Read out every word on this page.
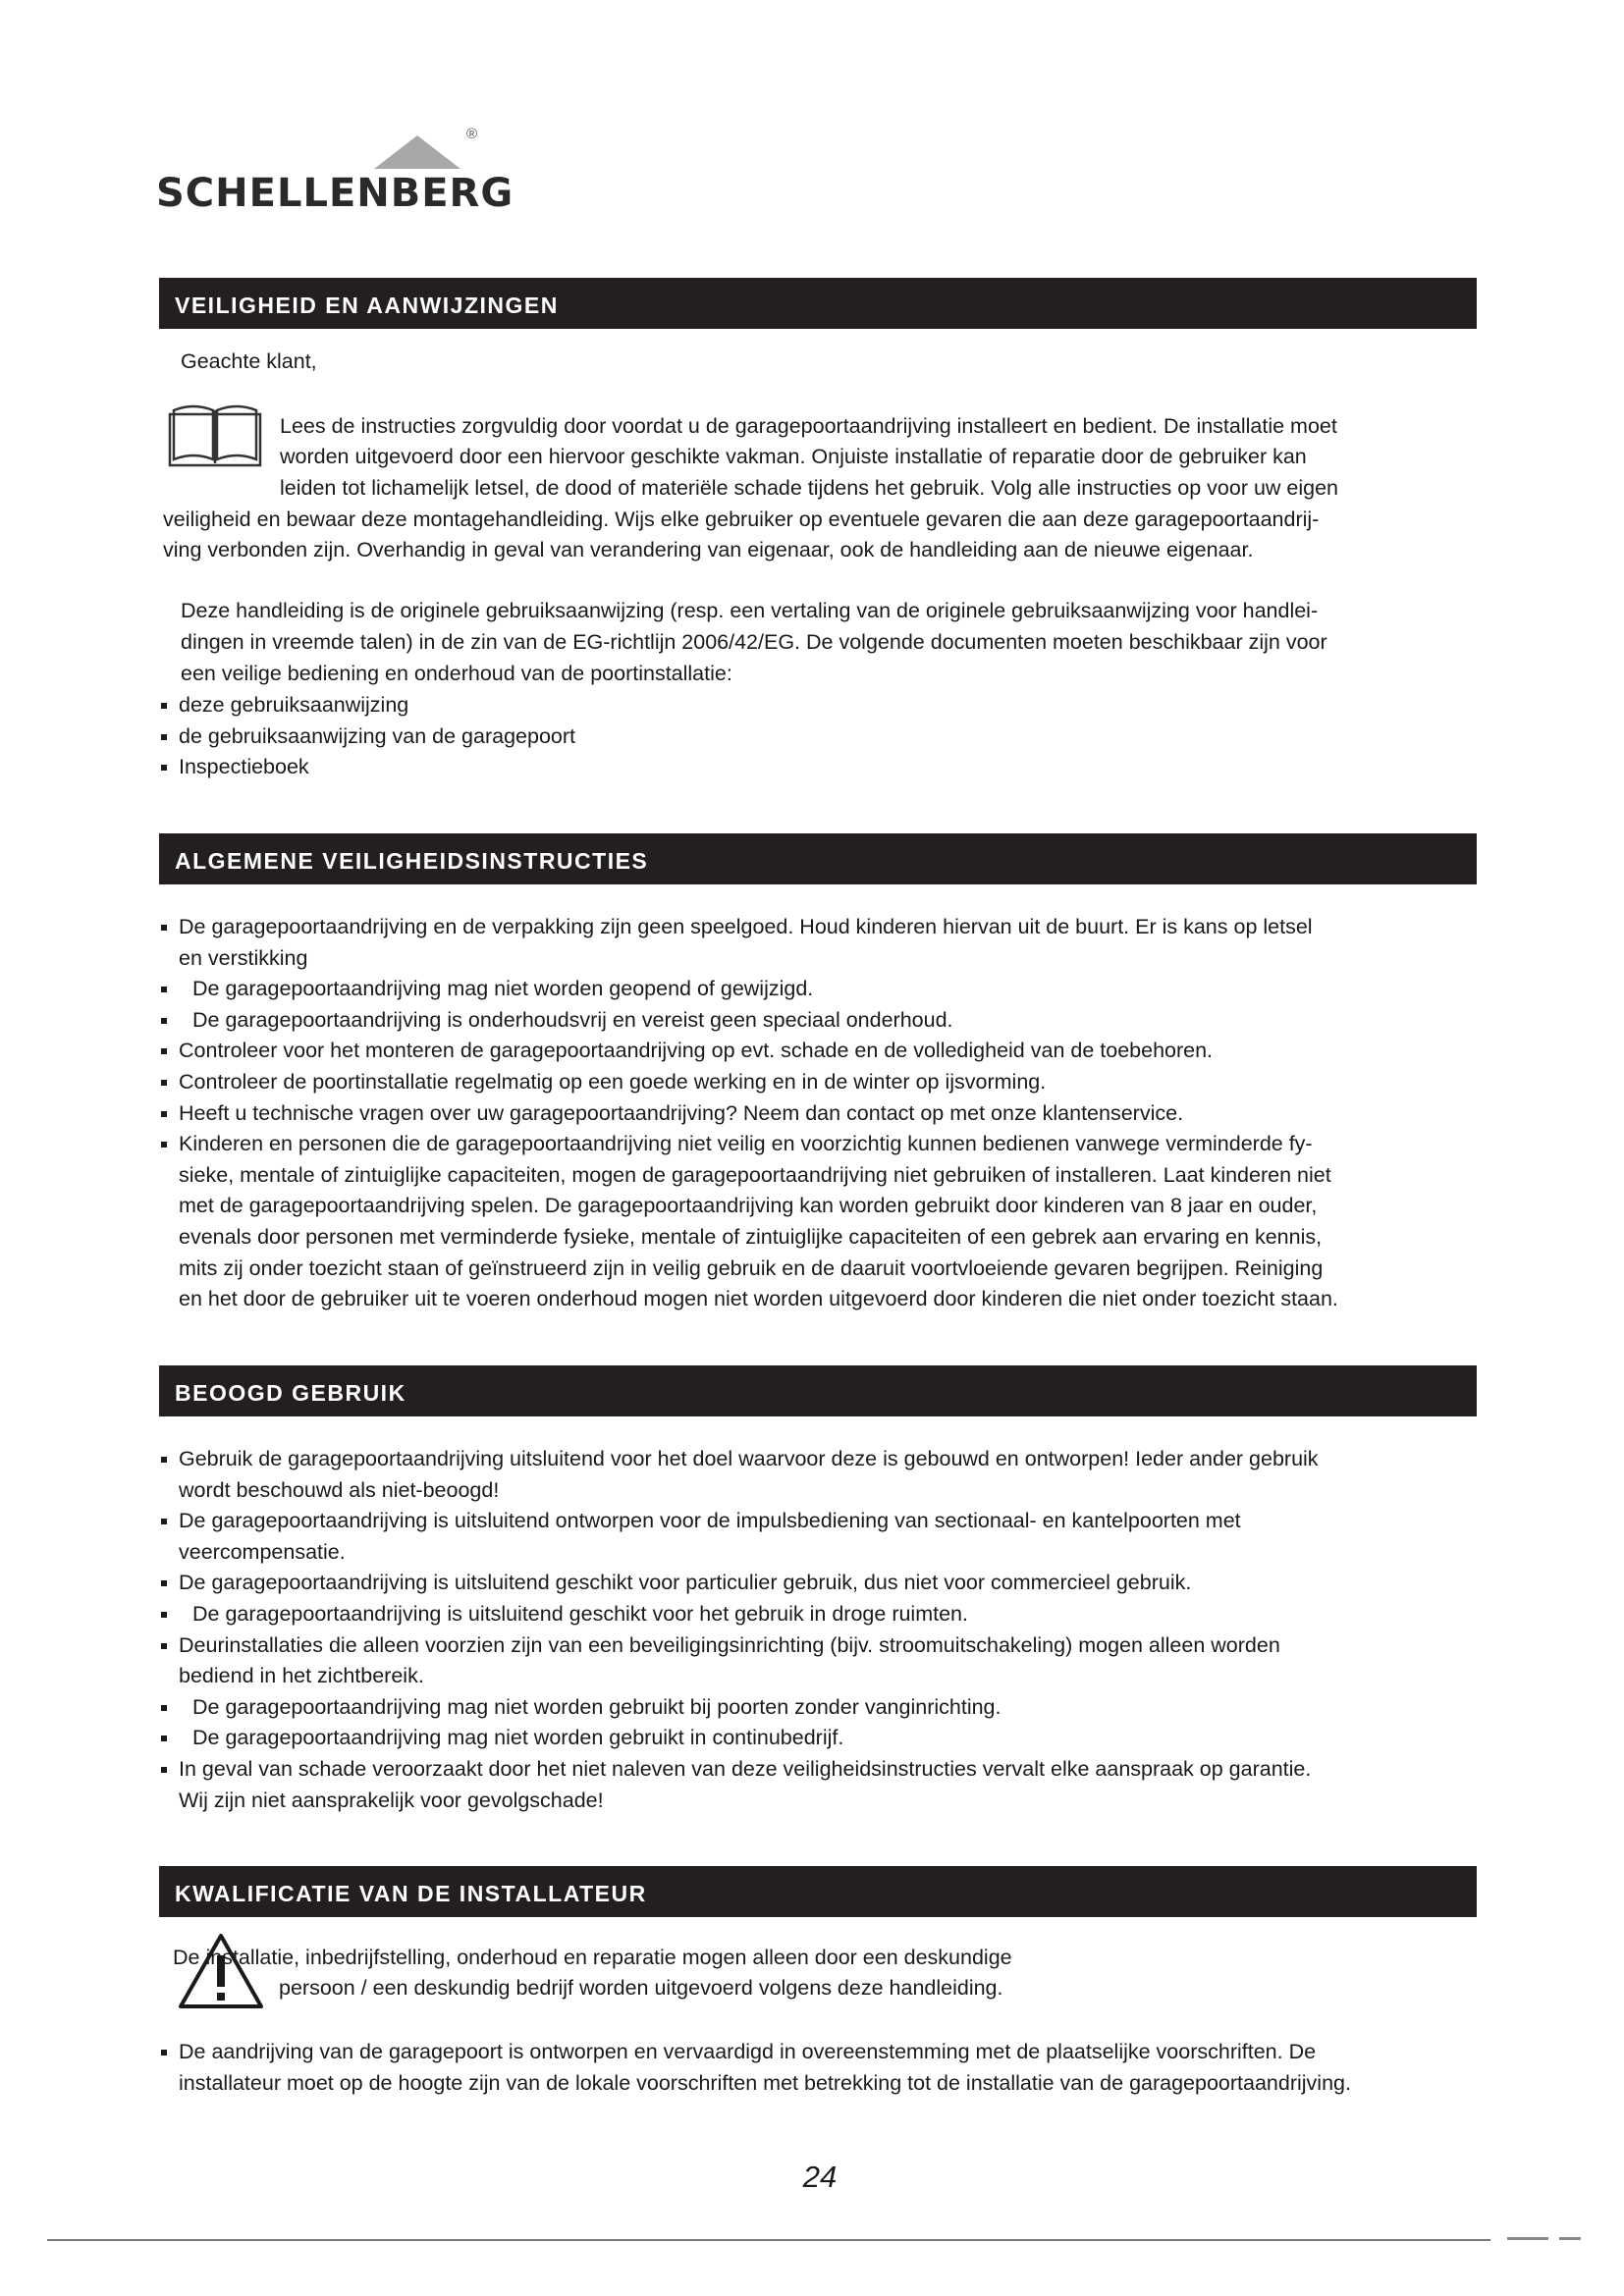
®
SCHELLENBERG
VEILIGHEID EN AANWIJZINGEN
Geachte klant,
Lees de instructies zorgvuldig door voordat u de garagepoortaandrijving installeert en bedient. De installatie moet
worden uitgevoerd door een hiervoor geschikte vakman. Onjuiste installatie of reparatie door de gebruiker kan
leiden tot lichamelijk letsel, de dood of materiële schade tijdens het gebruik. Volg alle instructies op voor uw eigen
veiligheid en bewaar deze montagehandleiding. Wijs elke gebruiker op eventuele gevaren die aan deze garagepoortaandrij-
ving verbonden zijn. Overhandig in geval van verandering van eigenaar, ook de handleiding aan de nieuwe eigenaar.
Deze handleiding is de originele gebruiksaanwijzing (resp. een vertaling van de originele gebruiksaanwijzing voor handlei-
dingen in vreemde talen) in de zin van de EG-richtlijn 2006/42/EG. De volgende documenten moeten beschikbaar zijn voor
een veilige bediening en onderhoud van de poortinstallatie:
deze gebruiksaanwijzing
de gebruiksaanwijzing van de garagepoort
Inspectieboek
ALGEMENE VEILIGHEIDSINSTRUCTIES
De garagepoortaandrijving en de verpakking zijn geen speelgoed. Houd kinderen hiervan uit de buurt. Er is kans op letsel
en verstikking
De garagepoortaandrijving mag niet worden geopend of gewijzigd.
De garagepoortaandrijving is onderhoudsvrij en vereist geen speciaal onderhoud.
Controleer voor het monteren de garagepoortaandrijving op evt. schade en de volledigheid van de toebehoren.
Controleer de poortinstallatie regelmatig op een goede werking en in de winter op ijsvorming.
Heeft u technische vragen over uw garagepoortaandrijving? Neem dan contact op met onze klantenservice.
Kinderen en personen die de garagepoortaandrijving niet veilig en voorzichtig kunnen bedienen vanwege verminderde fy-
sieke, mentale of zintuiglijke capaciteiten, mogen de garagepoortaandrijving niet gebruiken of installeren. Laat kinderen niet
met de garagepoortaandrijving spelen. De garagepoortaandrijving kan worden gebruikt door kinderen van 8 jaar en ouder,
evenals door personen met verminderde fysieke, mentale of zintuiglijke capaciteiten of een gebrek aan ervaring en kennis,
mits zij onder toezicht staan of geïnstrueerd zijn in veilig gebruik en de daaruit voortvloeiende gevaren begrijpen. Reiniging
en het door de gebruiker uit te voeren onderhoud mogen niet worden uitgevoerd door kinderen die niet onder toezicht staan.
BEOOGD GEBRUIK
Gebruik de garagepoortaandrijving uitsluitend voor het doel waarvoor deze is gebouwd en ontworpen! Ieder ander gebruik
wordt beschouwd als niet-beoogd!
De garagepoortaandrijving is uitsluitend ontworpen voor de impulsbediening van sectionaal- en kantelpoorten met
veercompensatie.
De garagepoortaandrijving is uitsluitend geschikt voor particulier gebruik, dus niet voor commercieel gebruik.
De garagepoortaandrijving is uitsluitend geschikt voor het gebruik in droge ruimten.
Deurinstallaties die alleen voorzien zijn van een beveiligingsinrichting (bijv. stroomuitschakeling) mogen alleen worden
bediend in het zichtbereik.
De garagepoortaandrijving mag niet worden gebruikt bij poorten zonder vanginrichting.
De garagepoortaandrijving mag niet worden gebruikt in continubedrijf.
In geval van schade veroorzaakt door het niet naleven van deze veiligheidsinstructies vervalt elke aanspraak op garantie.
Wij zijn niet aansprakelijk voor gevolgschade!
KWALIFICATIE VAN DE INSTALLATEUR
De installatie, inbedrijfstelling, onderhoud en reparatie mogen alleen door een deskundige
persoon / een deskundig bedrijf worden uitgevoerd volgens deze handleiding.
De aandrijving van de garagepoort is ontworpen en vervaardigd in overeenstemming met de plaatselijke voorschriften. De
installateur moet op de hoogte zijn van de lokale voorschriften met betrekking tot de installatie van de garagepoortaandrijving.
24
